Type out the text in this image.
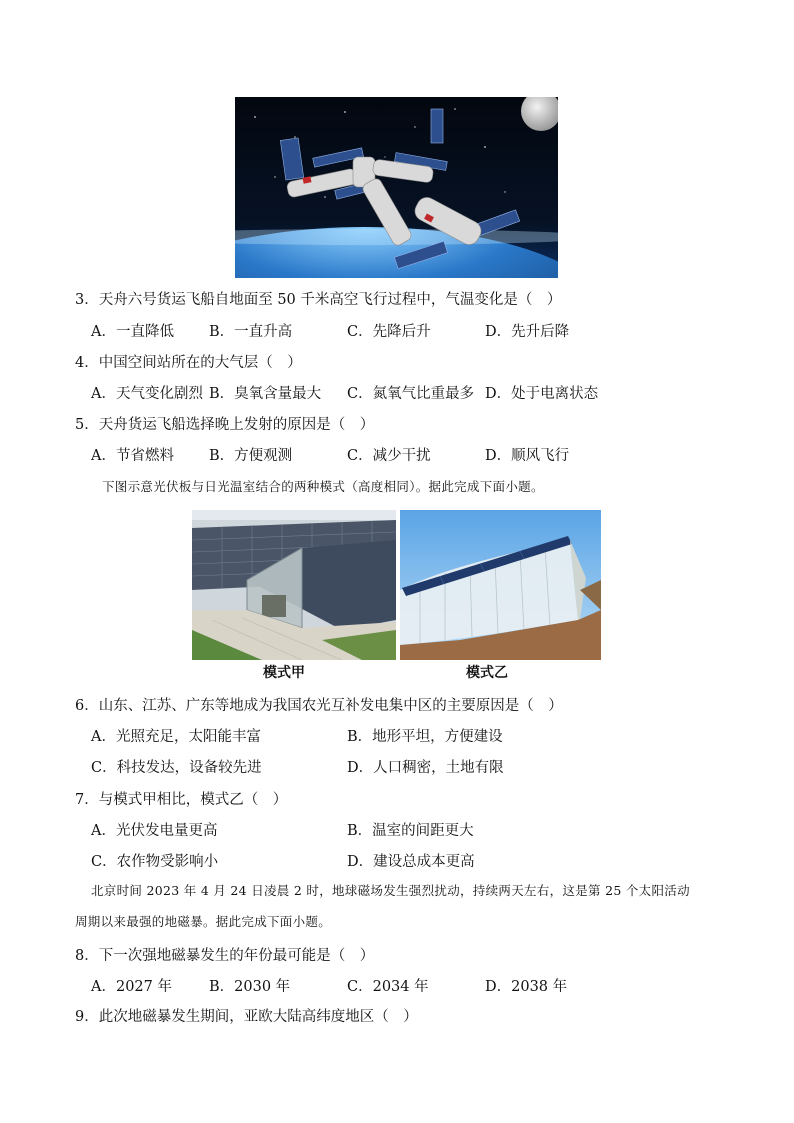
3．天舟六号货运飞船自地面至 50 千米高空飞行过程中，气温变化是（　）
A．一直降低 B．一直升高	C．先降后升	D．先升后降
4．中国空间站所在的大气层（　）
A．天气变化剧烈 B．臭氧含量最大 C．氮氧气比重最多 D．处于电离状态
5．天舟货运飞船选择晚上发射的原因是（　）
A．节省燃料 B．方便观测	C．减少干扰	D．顺风飞行
下图示意光伏板与日光温室结合的两种模式（高度相同）。据此完成下面小题。
模式甲	模式乙
6．山东、江苏、广东等地成为我国农光互补发电集中区的主要原因是（　）
A．光照充足，太阳能丰富	B．地形平坦，方便建设
C．科技发达，设备较先进	D．人口稠密，土地有限
7．与模式甲相比，模式乙（　）
A．光伏发电量更高	B．温室的间距更大
C．农作物受影响小	D．建设总成本更高
北京时间 2023 年 4 月 24 日凌晨 2 时，地球磁场发生强烈扰动，持续两天左右，这是第 25 个太阳活动
周期以来最强的地磁暴。据此完成下面小题。
8．下一次强地磁暴发生的年份最可能是（　）
A．2027 年	B．2030 年	C．2034 年	D．2038 年
9．此次地磁暴发生期间，亚欧大陆高纬度地区（　）
